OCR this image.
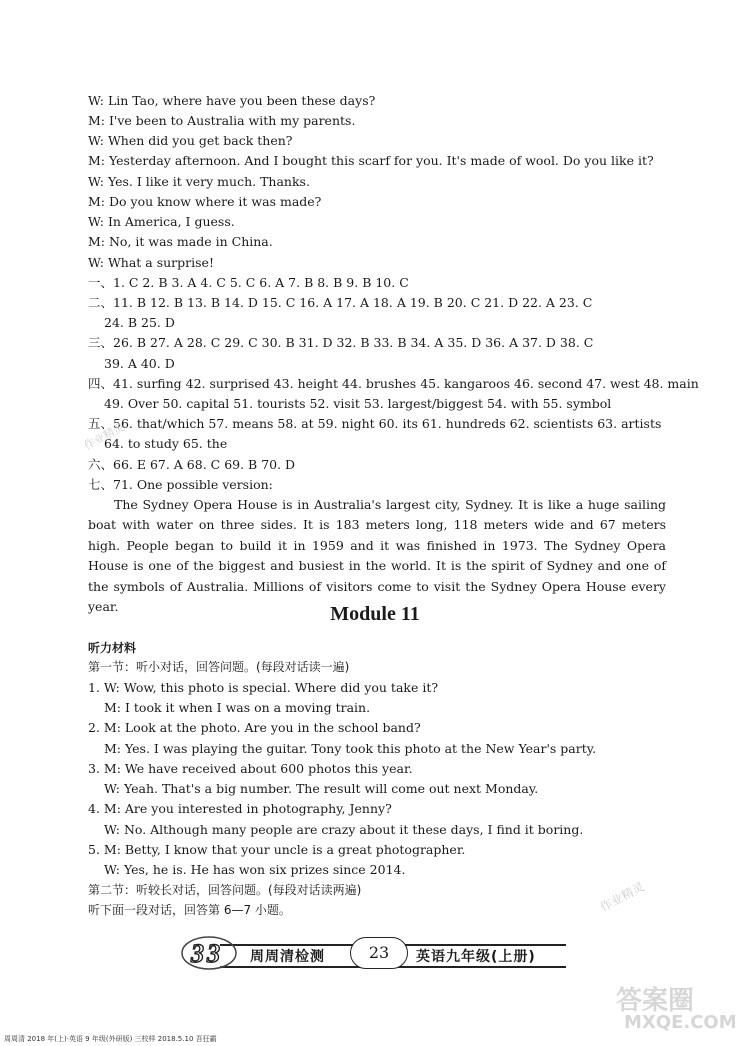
W: Lin Tao, where have you been these days?
M: I've been to Australia with my parents.
W: When did you get back then?
M: Yesterday afternoon. And I bought this scarf for you. It's made of wool. Do you like it?
W: Yes. I like it very much. Thanks.
M: Do you know where it was made?
W: In America, I guess.
M: No, it was made in China.
W: What a surprise!
一、1. C 2. B 3. A 4. C 5. C 6. A 7. B 8. B 9. B 10. C
二、11. B 12. B 13. B 14. D 15. C 16. A 17. A 18. A 19. B 20. C 21. D 22. A 23. C
24. B 25. D
三、26. B 27. A 28. C 29. C 30. B 31. D 32. B 33. B 34. A 35. D 36. A 37. D 38. C
39. A 40. D
四、41. surfing 42. surprised 43. height 44. brushes 45. kangaroos 46. second 47. west 48. main
49. Over 50. capital 51. tourists 52. visit 53. largest/biggest 54. with 55. symbol
五、56. that/which 57. means 58. at 59. night 60. its 61. hundreds 62. scientists 63. artists
64. to study 65. the
六、66. E 67. A 68. C 69. B 70. D
七、71. One possible version:
The Sydney Opera House is in Australia's largest city, Sydney. It is like a huge sailing boat with water on three sides. It is 183 meters long, 118 meters wide and 67 meters high. People began to build it in 1959 and it was finished in 1973. The Sydney Opera House is one of the biggest and busiest in the world. It is the spirit of Sydney and one of the symbols of Australia. Millions of visitors come to visit the Sydney Opera House every year.	Module 11
听力材料
第一节：听小对话，回答问题。(每段对话读一遍)
1. W: Wow, this photo is special. Where did you take it?
M: I took it when I was on a moving train.
2. M: Look at the photo. Are you in the school band?
M: Yes. I was playing the guitar. Tony took this photo at the New Year's party.
3. M: We have received about 600 photos this year.
W: Yeah. That's a big number. The result will come out next Monday.
4. M: Are you interested in photography, Jenny?
W: No. Although many people are crazy about it these days, I find it boring.
5. M: Betty, I know that your uncle is a great photographer.
W: Yes, he is. He has won six prizes since 2014.
第二节：听较长对话，回答问题。(每段对话读两遍)
听下面一段对话，回答第 6—7 小题。
3 3 周周清检测	23	英语九年级(上册)
作业精灵
作业精灵
答案圈
MXQE.COM
周周清 2018 年(上)·英语 9 年级(外研版) 三校样 2018.5.10 吾狂霸
